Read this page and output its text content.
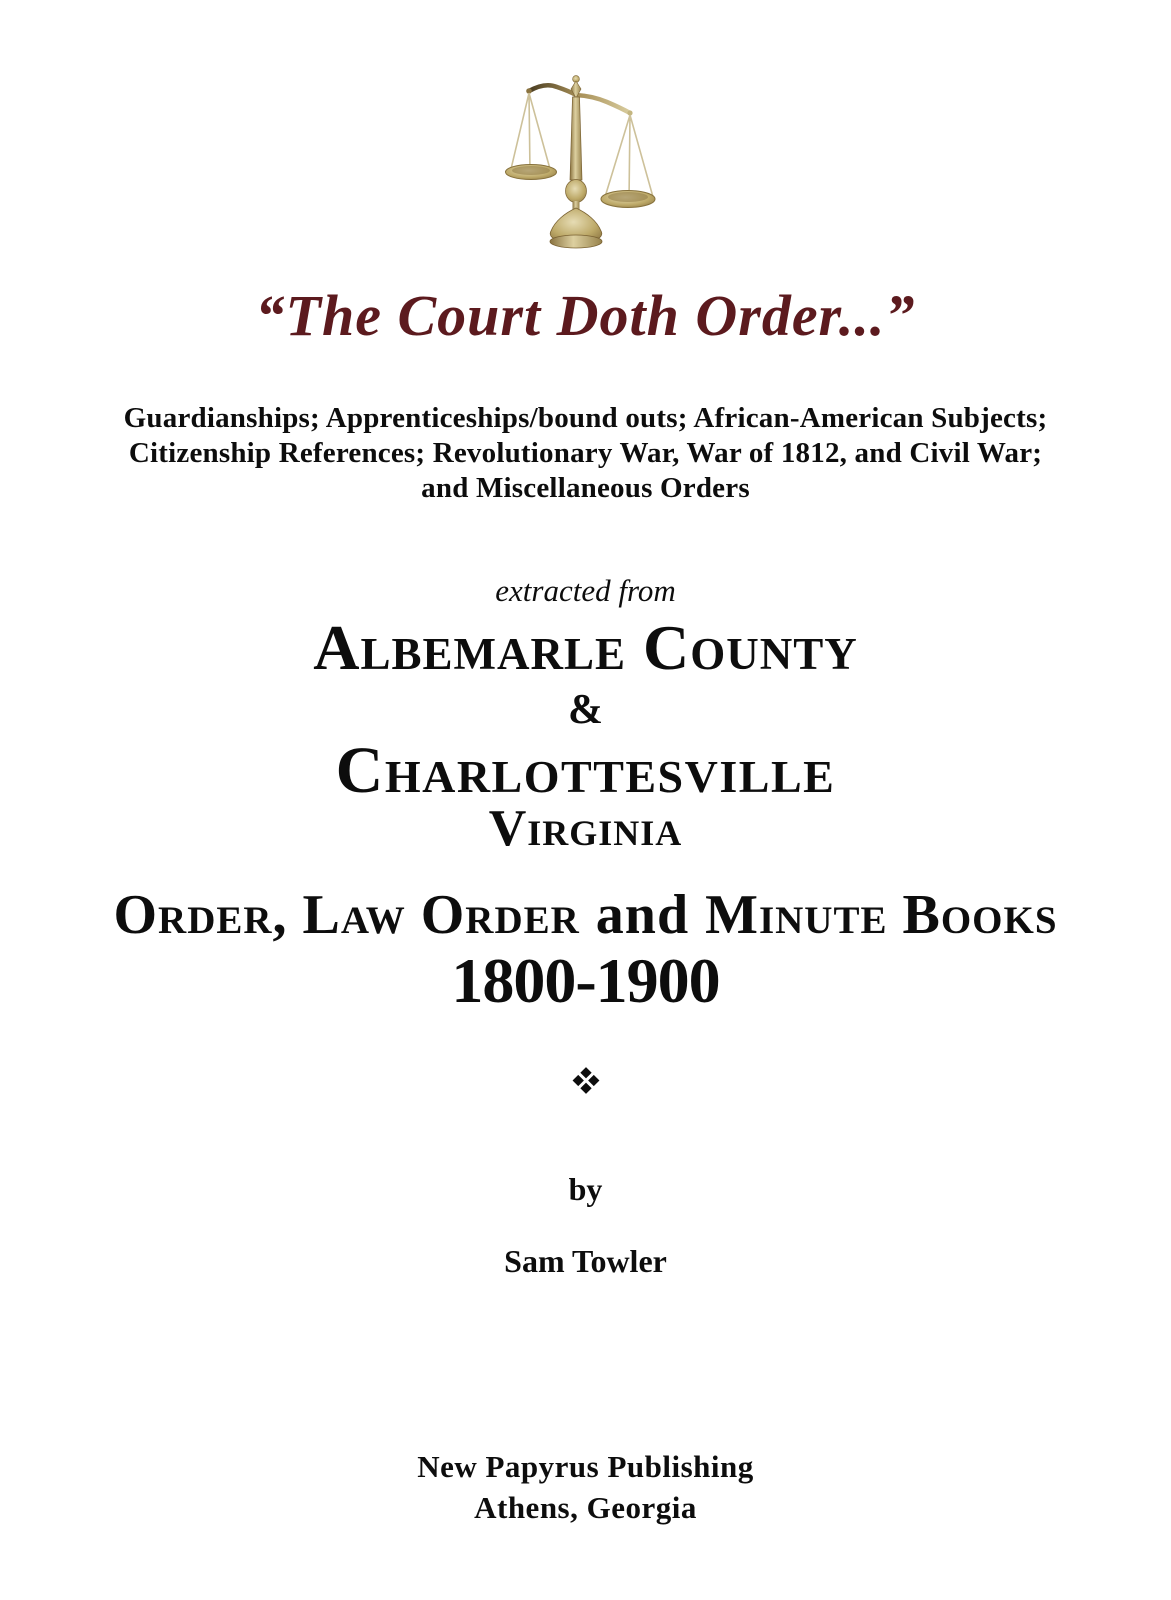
“The Court Doth Order...”
Guardianships; Apprenticeships/bound outs; African-American Subjects;
Citizenship References; Revolutionary War, War of 1812, and Civil War;
and Miscellaneous Orders
extracted from
Albemarle County
&
Charlottesville
Virginia
Order, Law Order and Minute Books
1800-1900
by
Sam Towler
New Papyrus Publishing
Athens, Georgia
